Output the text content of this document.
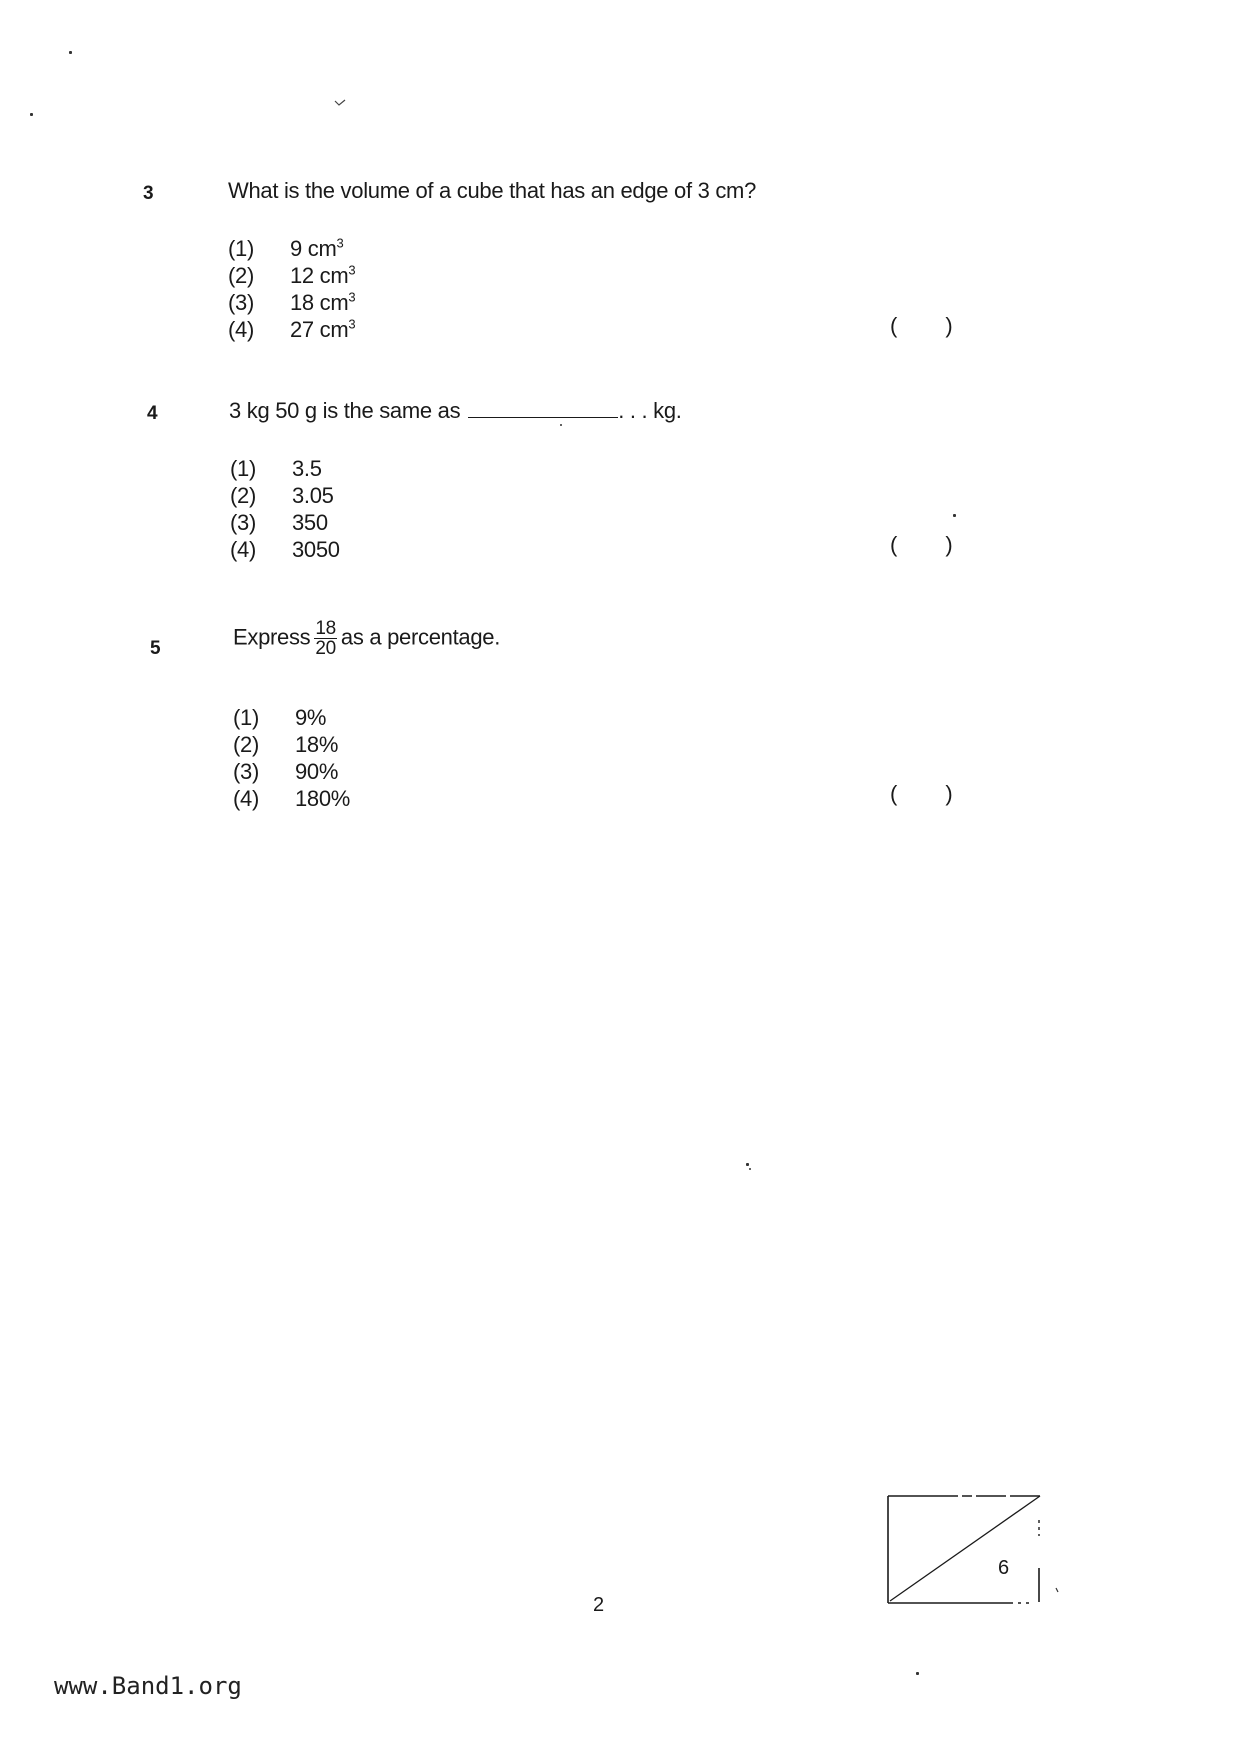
3	What is the volume of a cube that has an edge of 3 cm?
(1) 9 $cm^3$
(2) 12 $cm^3$
(3) 18 $cm^3$
(4) 27 $cm^3$	( )
4	3 kg 50 g is the same as	. . . kg.
(1) 3.5
(2) 3.05
(3) 350
(4) 3050	( )
5	Express $\frac{18}{20}$ as a percentage.
(1) 9%
(2) 18%
(3) 90%
(4) 180%	( )
2
6
www.Band1.org
